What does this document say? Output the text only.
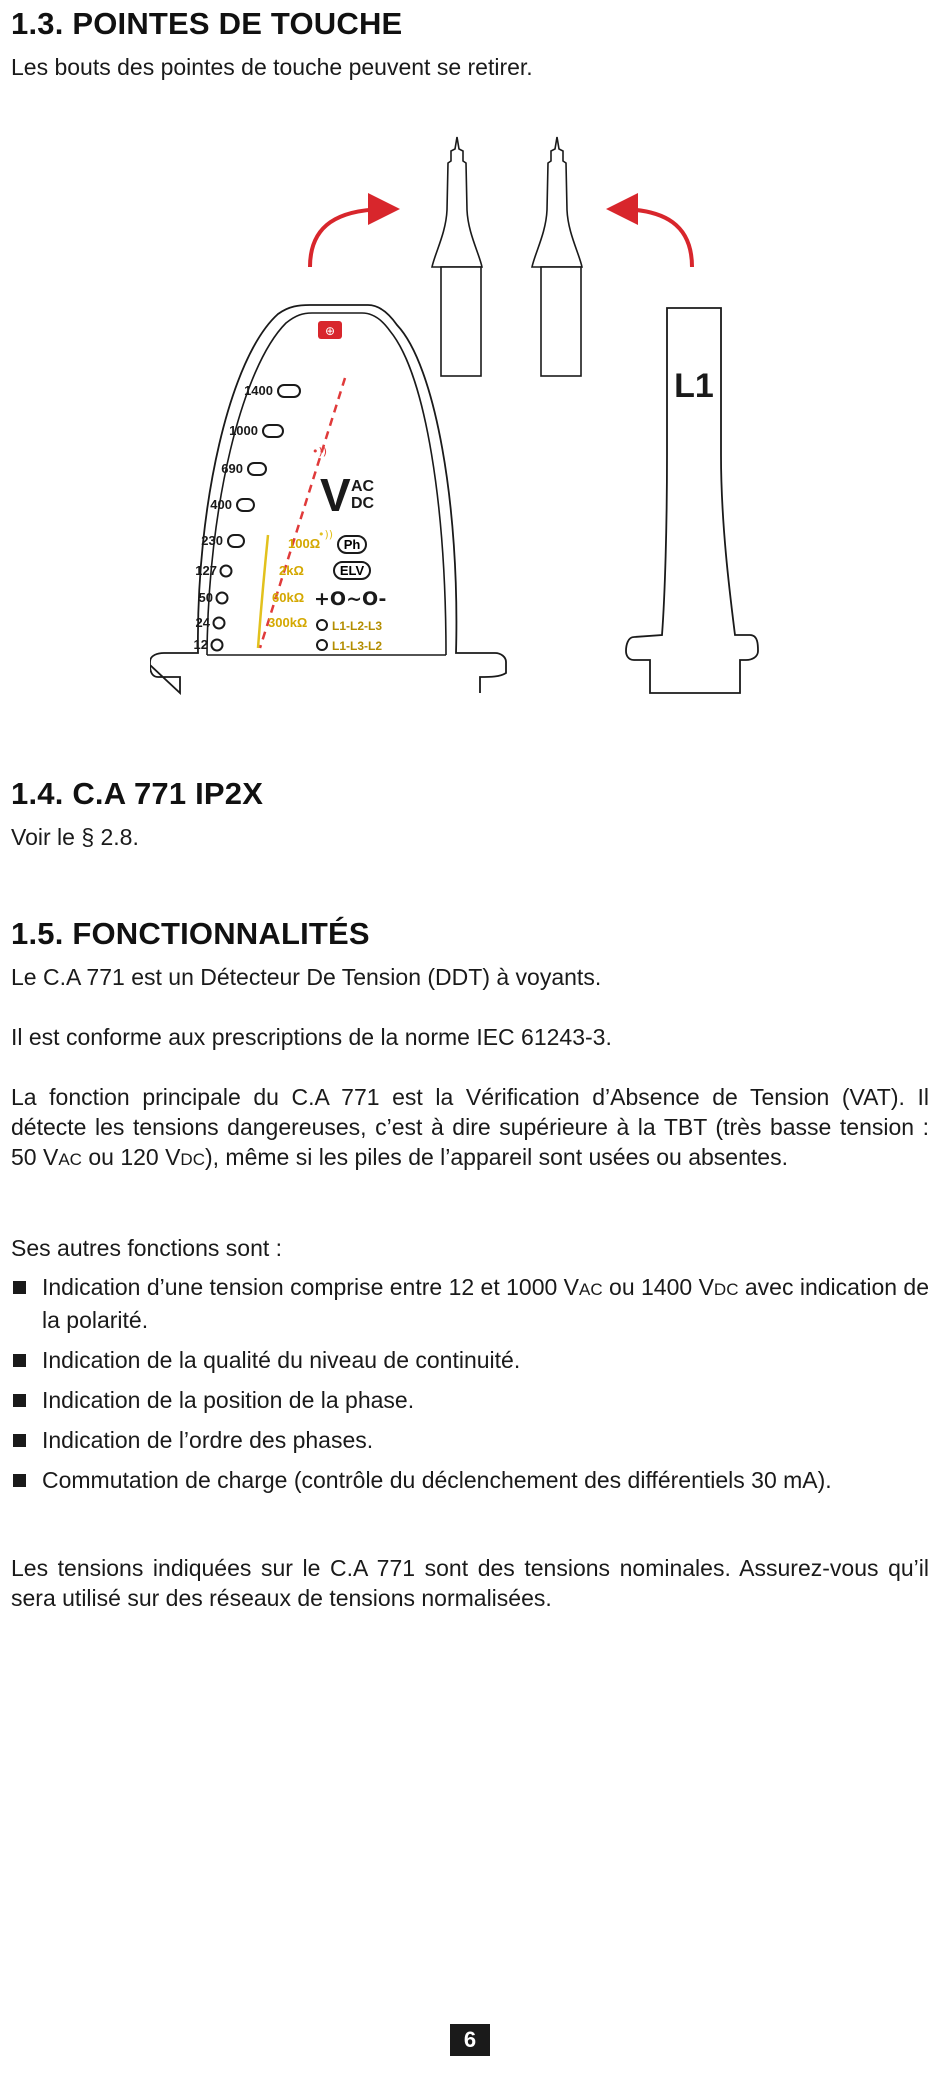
1.3. POINTES DE TOUCHE

Les bouts des pointes de touche peuvent se retirer.

⊕
1400
1000
690
400
230
127
50
24
12
•))
•))
100Ω
2kΩ
60kΩ
300kΩ
V AC
DC
Ph
ELV
+O~O-
L1-L2-L3
L1-L3-L2
L1
1.4. C.A 771 IP2X

Voir le § 2.8.

1.5. FONCTIONNALITÉS

Le C.A 771 est un Détecteur De Tension (DDT) à voyants.

Il est conforme aux prescriptions de la norme IEC 61243-3.

La fonction principale du C.A 771 est la Vérification d’Absence de Tension (VAT). Il détecte les tensions dangereuses, c’est à dire supérieure à la TBT (très basse tension : 50 VAC ou 120 VDC), même si les piles de l’appareil sont usées ou absentes.

Ses autres fonctions sont :

Indication d’une tension comprise entre 12 et 1000 VAC ou 1400 VDC avec indication de la polarité.
Indication de la qualité du niveau de continuité.
Indication de la position de la phase.
Indication de l’ordre des phases.
Commutation de charge (contrôle du déclenchement des différentiels 30 mA).

Les tensions indiquées sur le C.A 771 sont des tensions nominales. Assurez-vous qu’il sera utilisé sur des réseaux de tensions normalisées.

6
